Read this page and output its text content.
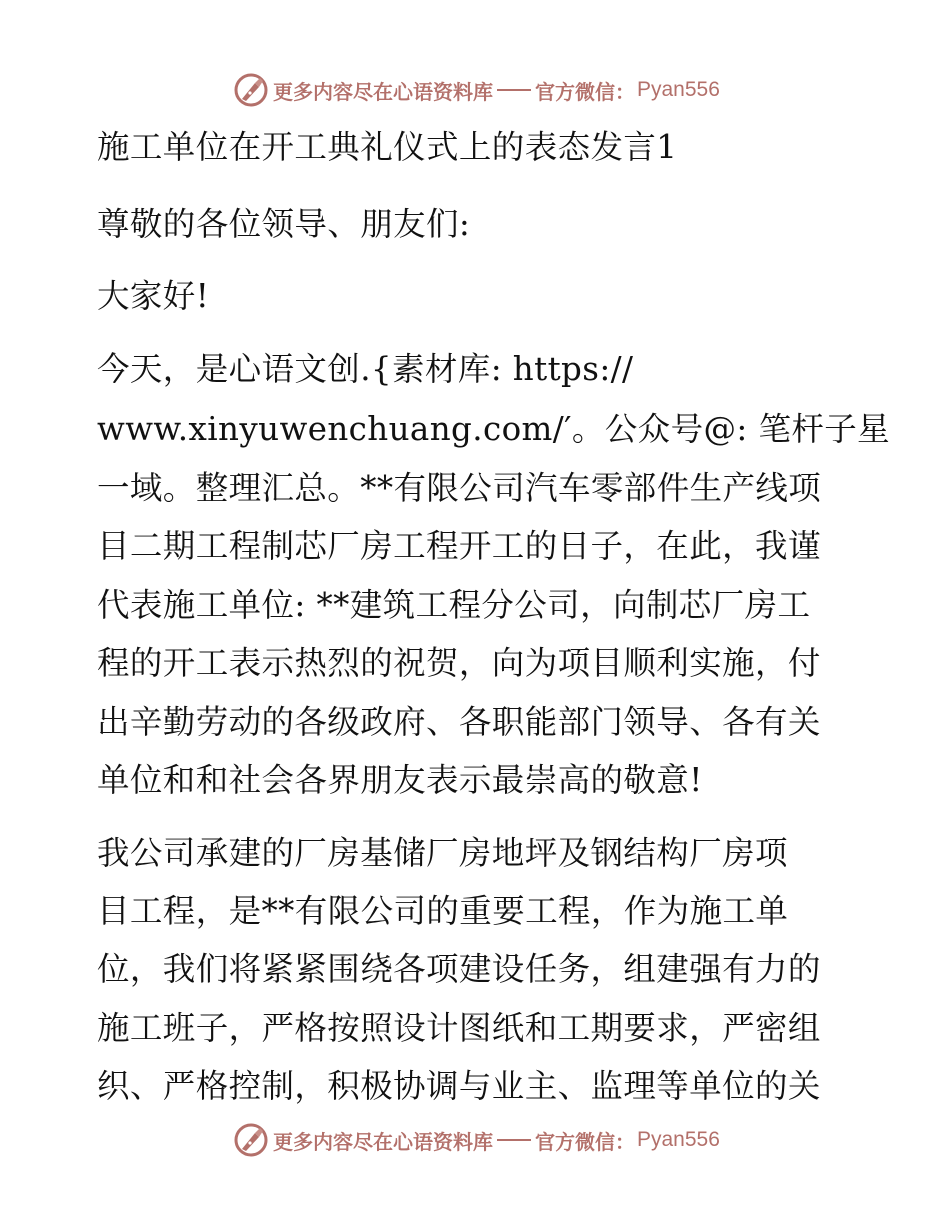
更多内容尽在心语资料库 官方微信： Pyan556
施工单位在开工典礼仪式上的表态发言1
尊敬的各位领导、朋友们:
大家好!
今天，是心语文创.{素材库: https://
www.xinyuwenchuang.com/′。公众号@: 笔杆子星
一域。整理汇总。**有限公司汽车零部件生产线项
目二期工程制芯厂房工程开工的日子，在此，我谨
代表施工单位: **建筑工程分公司，向制芯厂房工
程的开工表示热烈的祝贺，向为项目顺利实施，付
出辛勤劳动的各级政府、各职能部门领导、各有关
单位和和社会各界朋友表示最崇高的敬意!
我公司承建的厂房基储厂房地坪及钢结构厂房项
目工程，是**有限公司的重要工程，作为施工单
位，我们将紧紧围绕各项建设任务，组建强有力的
施工班子，严格按照设计图纸和工期要求，严密组
织、严格控制，积极协调与业主、监理等单位的关
更多内容尽在心语资料库 官方微信： Pyan556
